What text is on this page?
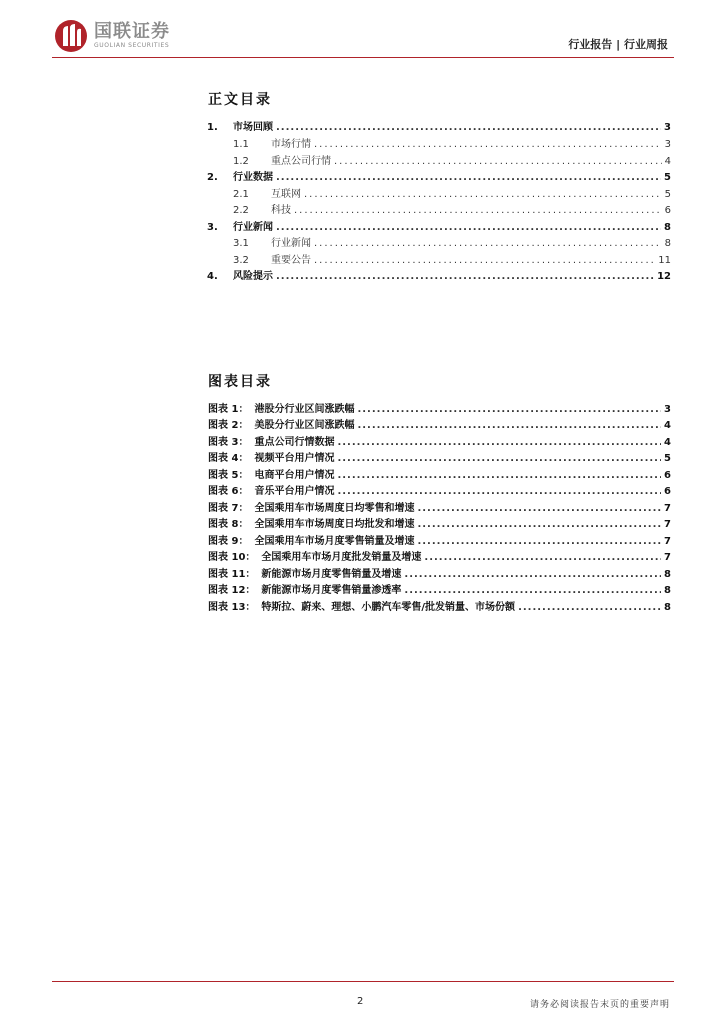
国联证券
GUOLIAN SECURITIES	行业报告 | 行业周报
正文目录
1.	市场回顾 .....	3
1.1	市场行情 .....	3
1.2	重点公司行情 .....	4
2.	行业数据 .....	5
2.1	互联网 .....	5
2.2	科技 .....	6
3.	行业新闻 .....	8
3.1	行业新闻 .....	8
3.2	重要公告 .....	11
4.	风险提示 .....	12
图表目录
图表 1： 港股分行业区间涨跌幅 .....	3
图表 2： 美股分行业区间涨跌幅 .....	4
图表 3： 重点公司行情数据 .....	4
图表 4： 视频平台用户情况 .....	5
图表 5： 电商平台用户情况 .....	6
图表 6： 音乐平台用户情况 .....	6
图表 7： 全国乘用车市场周度日均零售和增速 .....	7
图表 8： 全国乘用车市场周度日均批发和增速 .....	7
图表 9： 全国乘用车市场月度零售销量及增速 .....	7
图表 10： 全国乘用车市场月度批发销量及增速 .....	7
图表 11： 新能源市场月度零售销量及增速 .....	8
图表 12： 新能源市场月度零售销量渗透率 .....	8
图表 13： 特斯拉、蔚来、理想、小鹏汽车零售/批发销量、市场份额 .....	8
2	请务必阅读报告末页的重要声明
